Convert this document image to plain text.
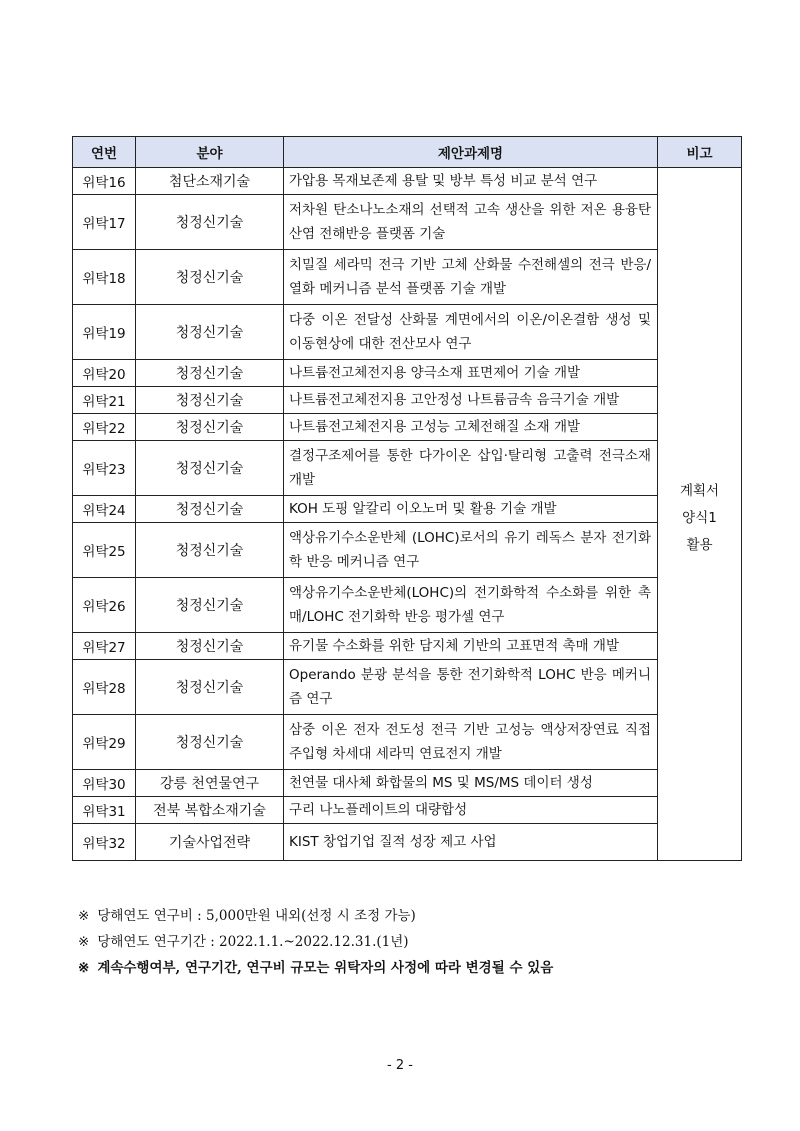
연번	분야	제안과제명	비고
위탁16	첨단소재기술	가압용 목재보존제 용탈 및 방부 특성 비교 분석 연구	계획서
양식1
활용

위탁17	청정신기술	저차원 탄소나노소재의 선택적 고속 생산을 위한 저온 용융탄산염 전해반응 플랫폼 기술	
위탁18	청정신기술	치밀질 세라믹 전극 기반 고체 산화물 수전해셀의 전극 반응/열화 메커니즘 분석 플랫폼 기술 개발	
위탁19	청정신기술	다중 이온 전달성 산화물 계면에서의 이온/이온결함 생성 및 이동현상에 대한 전산모사 연구	
위탁20	청정신기술	나트륨전고체전지용 양극소재 표면제어 기술 개발	
위탁21	청정신기술	나트륨전고체전지용 고안정성 나트륨금속 음극기술 개발	
위탁22	청정신기술	나트륨전고체전지용 고성능 고체전해질 소재 개발	
위탁23	청정신기술	결정구조제어를 통한 다가이온 삽입·탈리형 고출력 전극소재 개발	
위탁24	청정신기술	KOH 도핑 알칼리 이오노머 및 활용 기술 개발	
위탁25	청정신기술	액상유기수소운반체 (LOHC)로서의 유기 레독스 분자 전기화학 반응 메커니즘 연구	
위탁26	청정신기술	액상유기수소운반체(LOHC)의 전기화학적 수소화를 위한 촉매/LOHC 전기화학 반응 평가셀 연구	
위탁27	청정신기술	유기물 수소화를 위한 담지체 기반의 고표면적 촉매 개발	
위탁28	청정신기술	Operando 분광 분석을 통한 전기화학적 LOHC 반응 메커니즘 연구	
위탁29	청정신기술	삼중 이온 전자 전도성 전극 기반 고성능 액상저장연료 직접 주입형 차세대 세라믹 연료전지 개발	
위탁30	강릉 천연물연구	천연물 대사체 화합물의 MS 및 MS/MS 데이터 생성	
위탁31	전북 복합소재기술	구리 나노플레이트의 대량합성	
위탁32	기술사업전략	KIST 창업기업 질적 성장 제고 사업	
※ 당해연도 연구비 : 5,000만원 내외(선정 시 조정 가능)
※ 당해연도 연구기간 : 2022.1.1.~2022.12.31.(1년)
※ 계속수행여부, 연구기간, 연구비 규모는 위탁자의 사정에 따라 변경될 수 있음
- 2 -
